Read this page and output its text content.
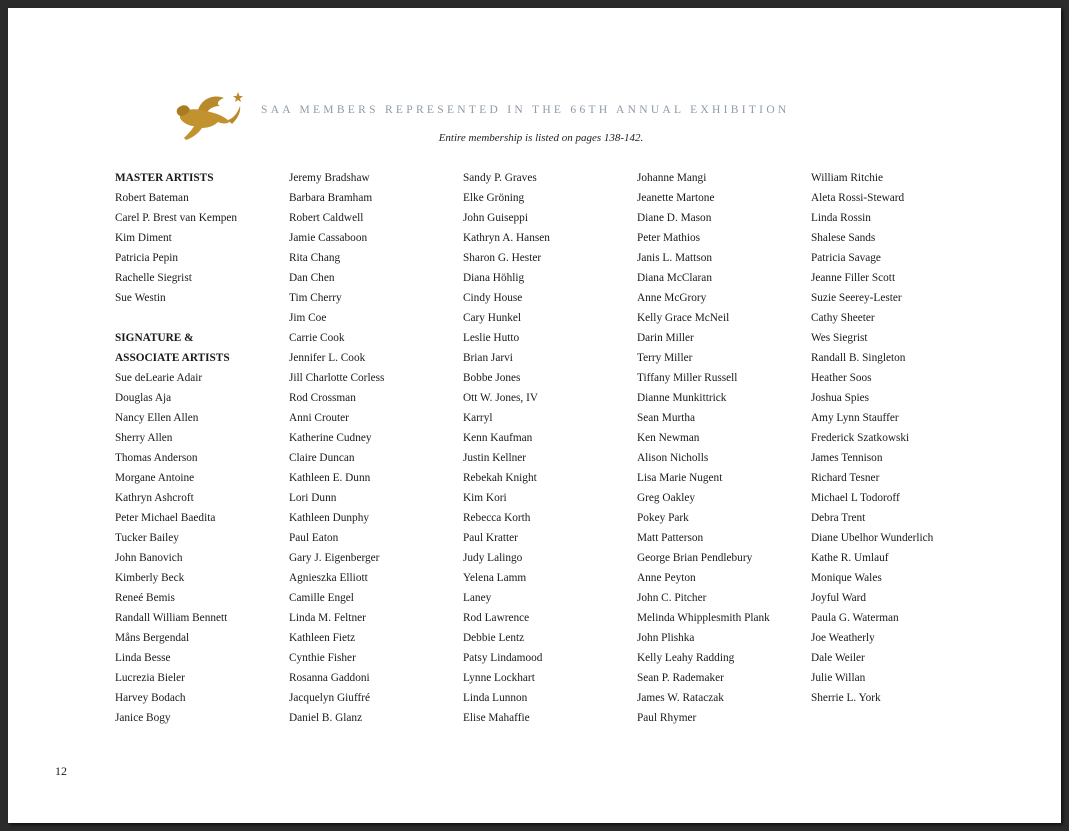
SAA MEMBERS REPRESENTED IN THE 66TH ANNUAL EXHIBITION
Entire membership is listed on pages 138-142.
MASTER ARTISTS
Robert Bateman
Carel P. Brest van Kempen
Kim Diment
Patricia Pepin
Rachelle Siegrist
Sue Westin
SIGNATURE &
ASSOCIATE ARTISTS
Sue deLearie Adair
Douglas Aja
Nancy Ellen Allen
Sherry Allen
Thomas Anderson
Morgane Antoine
Kathryn Ashcroft
Peter Michael Baedita
Tucker Bailey
John Banovich
Kimberly Beck
Reneé Bemis
Randall William Bennett
Måns Bergendal
Linda Besse
Lucrezia Bieler
Harvey Bodach
Janice Bogy
Jeremy Bradshaw
Barbara Bramham
Robert Caldwell
Jamie Cassaboon
Rita Chang
Dan Chen
Tim Cherry
Jim Coe
Carrie Cook
Jennifer L. Cook
Jill Charlotte Corless
Rod Crossman
Anni Crouter
Katherine Cudney
Claire Duncan
Kathleen E. Dunn
Lori Dunn
Kathleen Dunphy
Paul Eaton
Gary J. Eigenberger
Agnieszka Elliott
Camille Engel
Linda M. Feltner
Kathleen Fietz
Cynthie Fisher
Rosanna Gaddoni
Jacquelyn Giuffré
Daniel B. Glanz
Sandy P. Graves
Elke Gröning
John Guiseppi
Kathryn A. Hansen
Sharon G. Hester
Diana Höhlig
Cindy House
Cary Hunkel
Leslie Hutto
Brian Jarvi
Bobbe Jones
Ott W. Jones, IV
Karryl
Kenn Kaufman
Justin Kellner
Rebekah Knight
Kim Kori
Rebecca Korth
Paul Kratter
Judy Lalingo
Yelena Lamm
Laney
Rod Lawrence
Debbie Lentz
Patsy Lindamood
Lynne Lockhart
Linda Lunnon
Elise Mahaffie
Johanne Mangi
Jeanette Martone
Diane D. Mason
Peter Mathios
Janis L. Mattson
Diana McClaran
Anne McGrory
Kelly Grace McNeil
Darin Miller
Terry Miller
Tiffany Miller Russell
Dianne Munkittrick
Sean Murtha
Ken Newman
Alison Nicholls
Lisa Marie Nugent
Greg Oakley
Pokey Park
Matt Patterson
George Brian Pendlebury
Anne Peyton
John C. Pitcher
Melinda Whipplesmith Plank
John Plishka
Kelly Leahy Radding
Sean P. Rademaker
James W. Rataczak
Paul Rhymer
William Ritchie
Aleta Rossi-Steward
Linda Rossin
Shalese Sands
Patricia Savage
Jeanne Filler Scott
Suzie Seerey-Lester
Cathy Sheeter
Wes Siegrist
Randall B. Singleton
Heather Soos
Joshua Spies
Amy Lynn Stauffer
Frederick Szatkowski
James Tennison
Richard Tesner
Michael L Todoroff
Debra Trent
Diane Ubelhor Wunderlich
Kathe R. Umlauf
Monique Wales
Joyful Ward
Paula G. Waterman
Joe Weatherly
Dale Weiler
Julie Willan
Sherrie L. York
12
